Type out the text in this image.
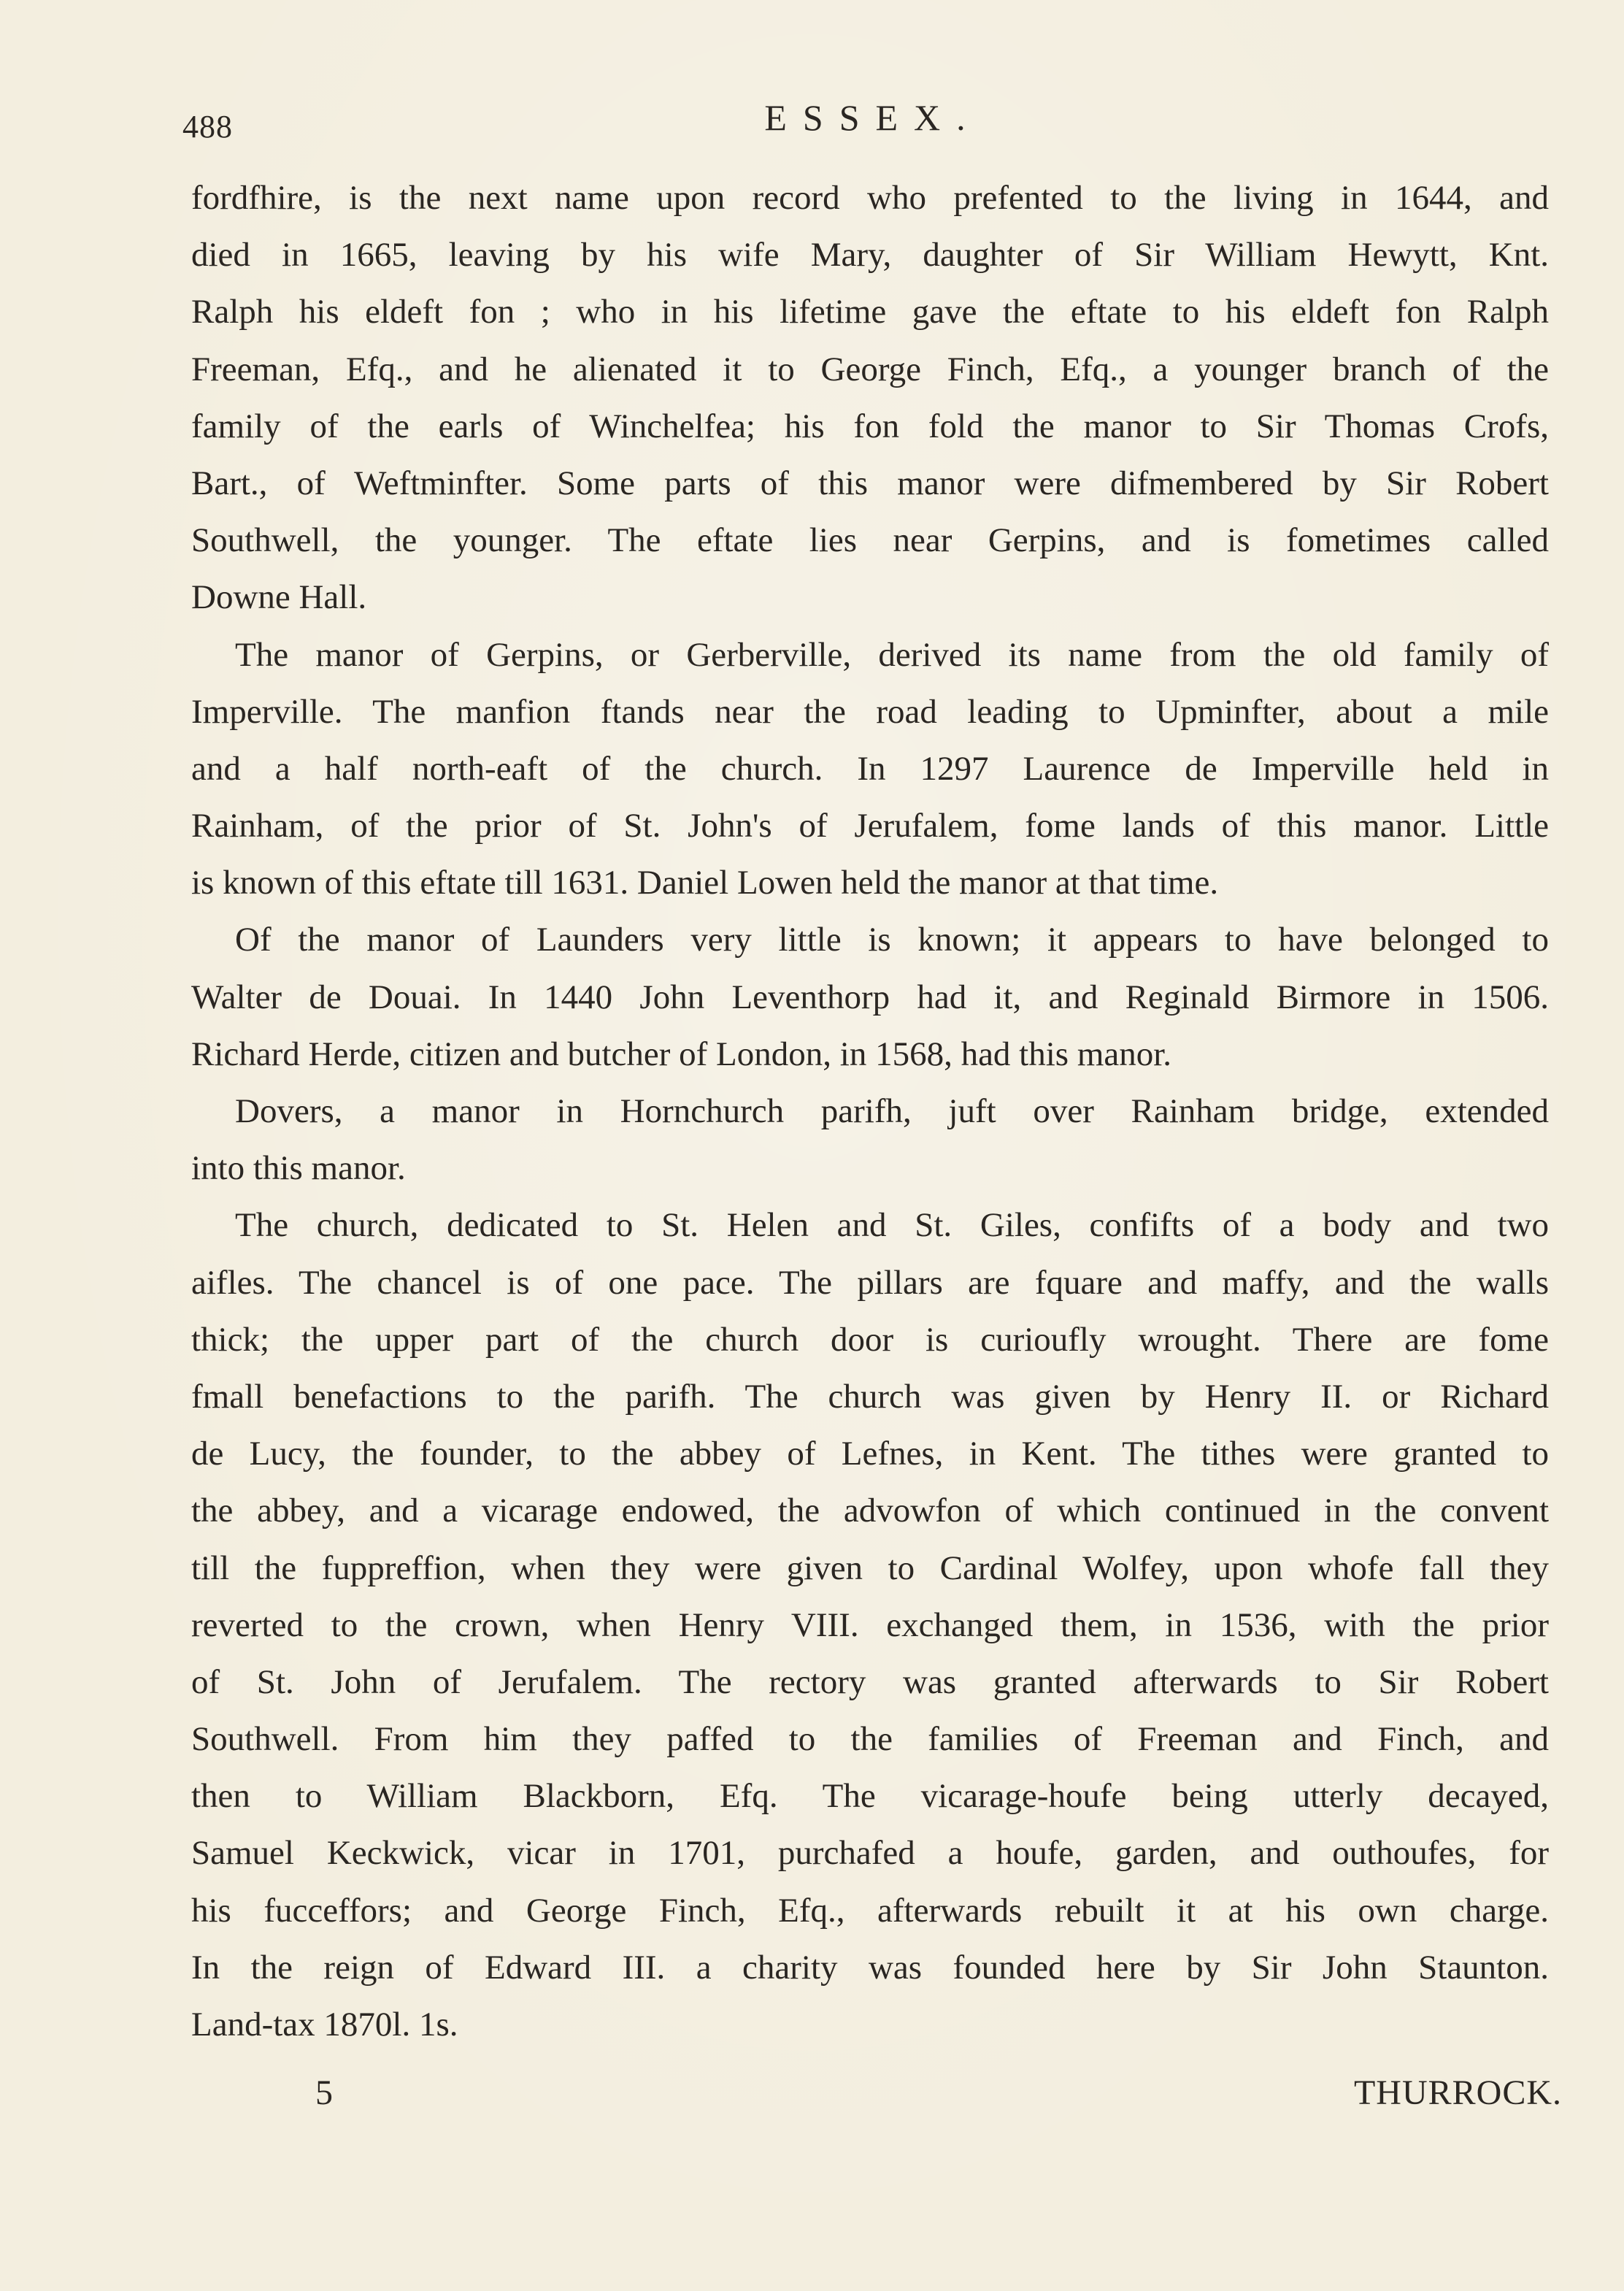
488	ESSEX.
fordfhire, is the next name upon record who prefented to the living in 1644, and
died in 1665, leaving by his wife Mary, daughter of Sir William Hewytt, Knt.
Ralph his eldeft fon ; who in his lifetime gave the eftate to his eldeft fon Ralph
Freeman, Efq., and he alienated it to George Finch, Efq., a younger branch of the
family of the earls of Winchelfea; his fon fold the manor to Sir Thomas Crofs,
Bart., of Weftminfter. Some parts of this manor were difmembered by Sir Robert
Southwell, the younger. The eftate lies near Gerpins, and is fometimes called
Downe Hall.
The manor of Gerpins, or Gerberville, derived its name from the old family of
Imperville. The manfion ftands near the road leading to Upminfter, about a mile
and a half north-eaft of the church. In 1297 Laurence de Imperville held in
Rainham, of the prior of St. John's of Jerufalem, fome lands of this manor. Little
is known of this eftate till 1631. Daniel Lowen held the manor at that time.
Of the manor of Launders very little is known; it appears to have belonged to
Walter de Douai. In 1440 John Leventhorp had it, and Reginald Birmore in 1506.
Richard Herde, citizen and butcher of London, in 1568, had this manor.
Dovers, a manor in Hornchurch parifh, juft over Rainham bridge, extended
into this manor.
The church, dedicated to St. Helen and St. Giles, confifts of a body and two
aifles. The chancel is of one pace. The pillars are fquare and maffy, and the walls
thick; the upper part of the church door is curioufly wrought. There are fome
fmall benefactions to the parifh. The church was given by Henry II. or Richard
de Lucy, the founder, to the abbey of Lefnes, in Kent. The tithes were granted to
the abbey, and a vicarage endowed, the advowfon of which continued in the convent
till the fuppreffion, when they were given to Cardinal Wolfey, upon whofe fall they
reverted to the crown, when Henry VIII. exchanged them, in 1536, with the prior
of St. John of Jerufalem. The rectory was granted afterwards to Sir Robert
Southwell. From him they paffed to the families of Freeman and Finch, and
then to William Blackborn, Efq. The vicarage-houfe being utterly decayed,
Samuel Keckwick, vicar in 1701, purchafed a houfe, garden, and outhoufes, for
his fucceffors; and George Finch, Efq., afterwards rebuilt it at his own charge.
In the reign of Edward III. a charity was founded here by Sir John Staunton.
Land-tax 1870l. 1s.
5	THURROCK.
